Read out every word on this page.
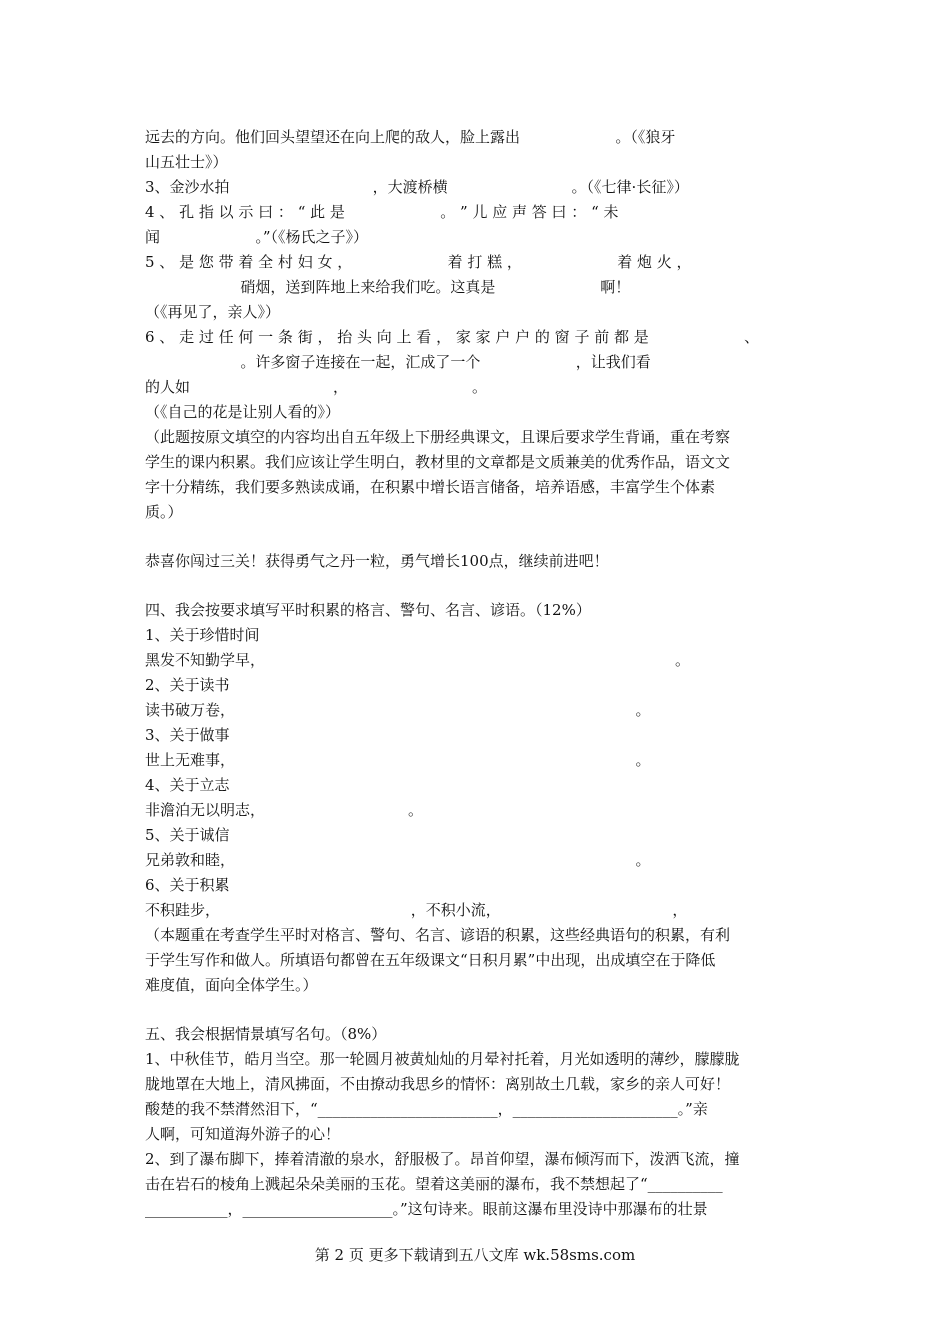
远去的方向。他们回头望望还在向上爬的敌人，脸上露出                    。（《狼牙

山五壮士》）

3、金沙水拍                              ，大渡桥横                          。（《七律·长征》）

4 、 孔 指 以 示 曰 ： “ 此 是                    。 ” 儿 应 声 答 曰 ： “ 未

闻                    。”（《杨氏之子》）

5 、 是 您 带 着 全 村 妇 女 ，                    着 打 糕 ，                    着 炮 火 ，

硝烟，送到阵地上来给我们吃。这真是                      啊！

（《再见了，亲人》）

6 、 走 过 任 何 一 条 街 ， 抬 头 向 上 看 ， 家 家 户 户 的 窗 子 前 都 是                    、

。许多窗子连接在一起，汇成了一个                    ，让我们看

的人如                              ，                          。

（《自己的花是让别人看的》）

（此题按原文填空的内容均出自五年级上下册经典课文，且课后要求学生背诵，重在考察

学生的课内积累。我们应该让学生明白，教材里的文章都是文质兼美的优秀作品，语文文

字十分精练，我们要多熟读成诵，在积累中增长语言储备，培养语感，丰富学生个体素

质。）

恭喜你闯过三关！获得勇气之丹一粒，勇气增长100点，继续前进吧！

四、我会按要求填写平时积累的格言、警句、名言、谚语。（12%）

1、关于珍惜时间

黑发不知勤学早，                                                                                      。

2、关于读书

读书破万卷，                                                                                    。

3、关于做事

世上无难事，                                                                                    。

4、关于立志

非澹泊无以明志，                              。

5、关于诚信

兄弟敦和睦，                                                                                    。

6、关于积累

不积跬步，                                        ，不积小流，                                    ，

（本题重在考查学生平时对格言、警句、名言、谚语的积累，这些经典语句的积累，有利

于学生写作和做人。所填语句都曾在五年级课文“日积月累”中出现，出成填空在于降低

难度值，面向全体学生。）

五、我会根据情景填写名句。（8%）

1、中秋佳节，皓月当空。那一轮圆月被黄灿灿的月晕衬托着，月光如透明的薄纱，朦朦胧

胧地罩在大地上，清风拂面，不由撩动我思乡的情怀：离别故土几载，家乡的亲人可好！

酸楚的我不禁潸然泪下，“________________________，______________________。”亲

人啊，可知道海外游子的心！

2、到了瀑布脚下，捧着清澈的泉水，舒服极了。昂首仰望，瀑布倾泻而下，泼洒飞流，撞

击在岩石的棱角上溅起朵朵美丽的玉花。望着这美丽的瀑布，我不禁想起了“__________

___________，____________________。”这句诗来。眼前这瀑布里没诗中那瀑布的壮景

第 2 页 更多下载请到五八文库 wk.58sms.com
